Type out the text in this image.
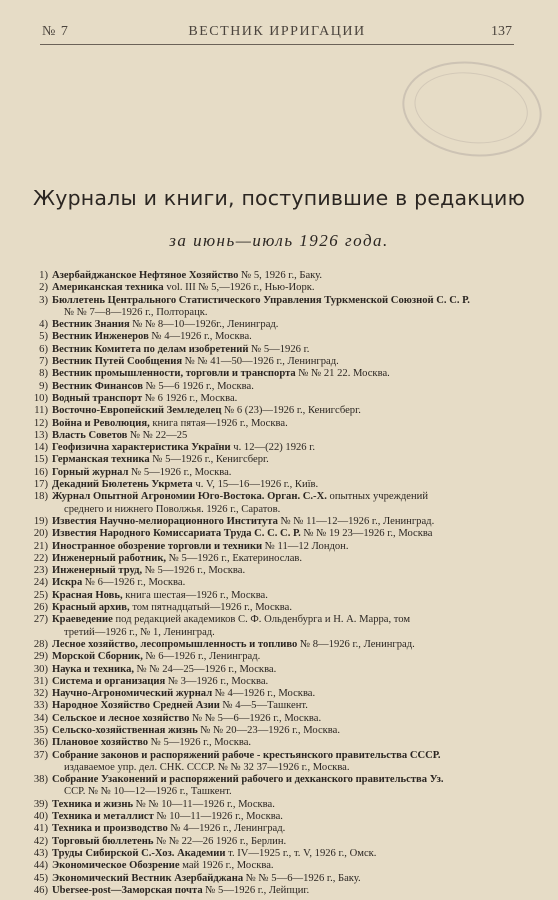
№ 7	ВЕСТНИК ИРРИГАЦИИ	137
Журналы и книги, поступившие в редакцию
за июнь—июль 1926 года.
1) Азербайджанское Нефтяное Хозяйство № 5, 1926 г., Баку.
2) Американская техника vol. III № 5,—1926 г., Нью-Иорк.
3) Бюллетень Центрального Статистического Управления Туркменской Союзной С. С. Р.
№ № 7—8—1926 г., Полторацк.
4) Вестник Знания № № 8—10—1926г., Ленинград.
5) Вестник Инженеров № 4—1926 г., Москва.
6) Вестник Комитета по делам изобретений № 5—1926 г.
7) Вестник Путей Сообщения № № 41—50—1926 г., Ленинград.
8) Вестник промышленности, торговли и транспорта № № 21 22. Москва.
9) Вестник Финансов № 5—6 1926 г., Москва.
10) Водный транспорт № 6 1926 г., Москва.
11) Восточно-Европейский Земледелец № 6 (23)—1926 г., Кенигсберг.
12) Война и Революция, книга пятая—1926 г., Москва.
13) Власть Советов № № 22—25
14) Геофизична характеристика України ч. 12—(22) 1926 г.
15) Германская техника № 5—1926 г., Кенигсберг.
16) Горный журнал № 5—1926 г., Москва.
17) Декадний Бюлетень Укрмета ч. V, 15—16—1926 г., Київ.
18) Журнал Опытной Агрономии Юго-Востока. Орган. С.-Х. опытных учреждений
среднего и нижнего Поволжья. 1926 г., Саратов.
19) Известия Научно-мелиорационного Института № № 11—12—1926 г., Ленинград.
20) Известия Народного Комиссариата Труда С. С. С. Р. № № 19 23—1926 г., Москва
21) Иностранное обозрение торговли и техники № 11—12 Лондон.
22) Инженерный работник, № 5—1926 г., Екатеринослав.
23) Инженерный труд, № 5—1926 г., Москва.
24) Искра № 6—1926 г., Москва.
25) Красная Новь, книга шестая—1926 г., Москва.
26) Красный архив, том пятнадцатый—1926 г., Москва.
27) Краеведение под редакцией академиков С. Ф. Ольденбурга и Н. А. Марра, том
третий—1926 г., № 1, Ленинград.
28) Лесное хозяйство, лесопромышленность и топливо № 8—1926 г., Ленинград.
29) Морской Сборник, № 6—1926 г., Ленинград.
30) Наука и техника, № № 24—25—1926 г., Москва.
31) Система и организация № 3—1926 г., Москва.
32) Научно-Агрономический журнал № 4—1926 г., Москва.
33) Народное Хозяйство Средней Азии № 4—5—Ташкент.
34) Сельское и лесное хозяйство № № 5—6—1926 г., Москва.
35) Сельско-хозяйственная жизнь № № 20—23—1926 г., Москва.
36) Плановое хозяйство № 5—1926 г., Москва.
37) Собрание законов и распоряжений рабоче - крестьянского правительства СССР.
издаваемое упр. дел. СНК. СССР. № № 32 37—1926 г., Москва.
38) Собрание Узаконений и распоряжений рабочего и дехканского правительства Уз.
ССР. № № 10—12—1926 г., Ташкент.
39) Техника и жизнь № № 10—11—1926 г., Москва.
40) Техника и металлист № 10—11—1926 г., Москва.
41) Техника и производство № 4—1926 г., Ленинград.
42) Торговый бюллетень № № 22—26 1926 г., Берлин.
43) Труды Сибирской С.-Хоз. Академии т. IV—1925 г., т. V, 1926 г., Омск.
44) Экономическое Обозрение май 1926 г., Москва.
45) Экономический Вестник Азербайджана № № 5—6—1926 г., Баку.
46) Ubersee-post—Заморская почта № 5—1926 г., Лейпциг.
